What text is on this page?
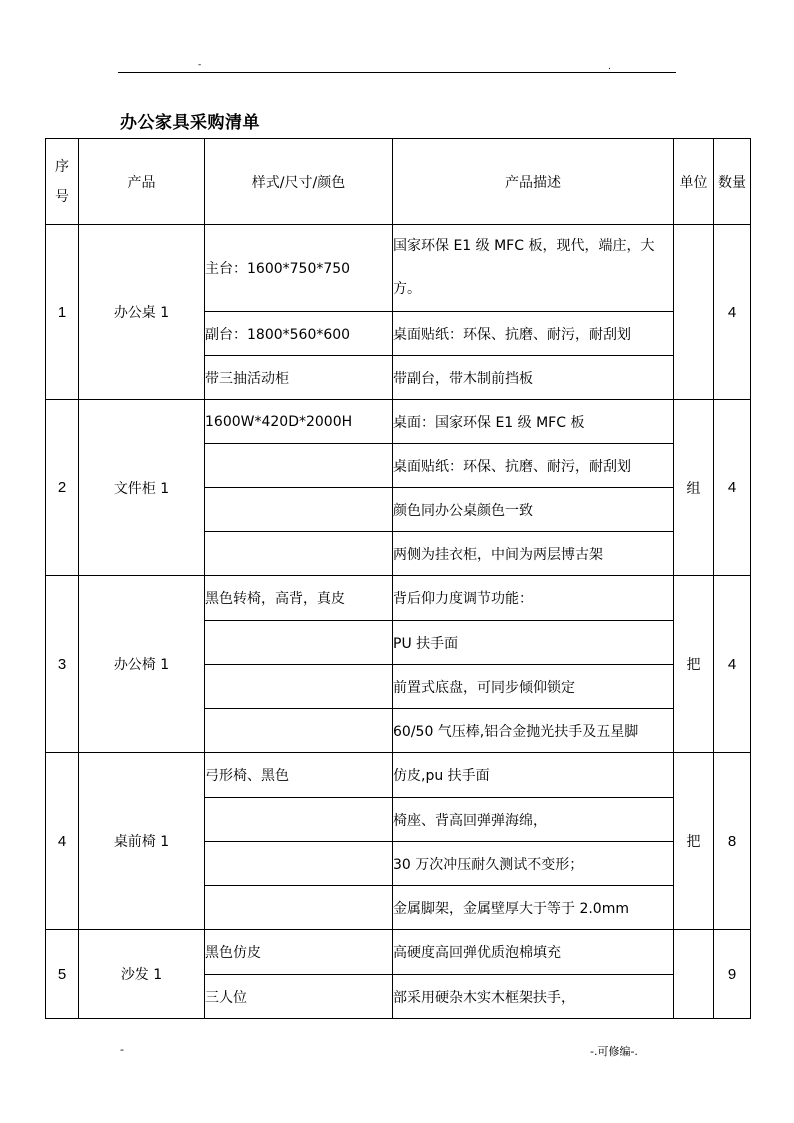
-	.
办公家具采购清单
序号	产品	样式/尺寸/颜色	产品描述	单位	数量
1	办公桌 1	主台：1600*750*750	国家环保 E1 级 MFC 板，现代，端庄，大方。		4
		副台：1800*560*600	桌面贴纸：环保、抗磨、耐污，耐刮划		
		带三抽活动柜	带副台，带木制前挡板		
2	文件柜 1	1600W*420D*2000H	桌面：国家环保 E1 级 MFC 板	组	4
			桌面贴纸：环保、抗磨、耐污，耐刮划		
			颜色同办公桌颜色一致		
			两侧为挂衣柜，中间为两层博古架		
3	办公椅 1	黑色转椅，高背，真皮	背后仰力度调节功能：	把	4
			PU 扶手面		
			前置式底盘，可同步倾仰锁定		
			60/50 气压棒,铝合金抛光扶手及五星脚		
4	桌前椅 1	弓形椅、黑色	仿皮,pu 扶手面	把	8
			椅座、背高回弹弹海绵，		
			30 万次冲压耐久测试不变形；		
			金属脚架，金属壁厚大于等于 2.0mm		
5	沙发 1	黑色仿皮	高硬度高回弹优质泡棉填充		9
		三人位	部采用硬杂木实木框架扶手，		
-	-.可修编-.
